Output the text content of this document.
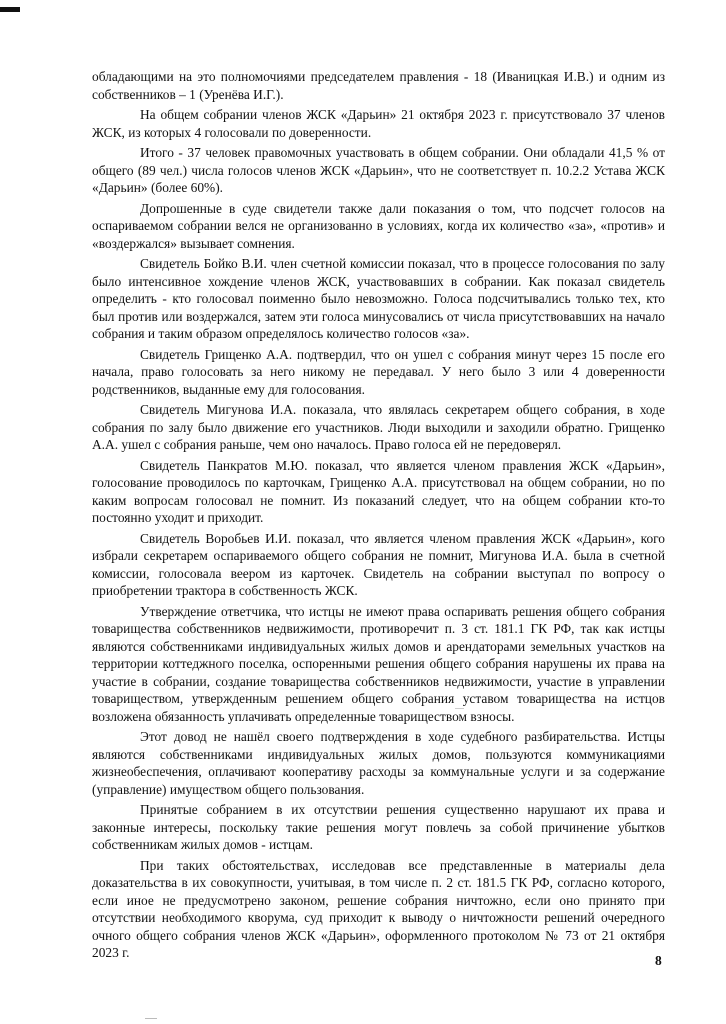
обладающими на это полномочиями председателем правления - 18 (Иваницкая И.В.) и одним из собственников – 1 (Уренёва И.Г.).

На общем собрании членов ЖСК «Дарьин» 21 октября 2023 г. присутствовало 37 членов ЖСК, из которых 4 голосовали по доверенности.

Итого - 37 человек правомочных участвовать в общем собрании. Они обладали 41,5 % от общего (89 чел.) числа голосов членов ЖСК «Дарьин», что не соответствует п. 10.2.2 Устава ЖСК «Дарьин» (более 60%).

Допрошенные в суде свидетели также дали показания о том, что подсчет голосов на оспариваемом собрании велся не организованно в условиях, когда их количество «за», «против» и «воздержался» вызывает сомнения.

Свидетель Бойко В.И. член счетной комиссии показал, что в процессе голосования по залу было интенсивное хождение членов ЖСК, участвовавших в собрании. Как показал свидетель определить - кто голосовал поименно было невозможно. Голоса подсчитывались только тех, кто был против или воздержался, затем эти голоса минусовались от числа присутствовавших на начало собрания и таким образом определялось количество голосов «за».

Свидетель Грищенко А.А. подтвердил, что он ушел с собрания минут через 15 после его начала, право голосовать за него никому не передавал. У него было 3 или 4 доверенности родственников, выданные ему для голосования.

Свидетель Мигунова И.А. показала, что являлась секретарем общего собрания, в ходе собрания по залу было движение его участников. Люди выходили и заходили обратно. Грищенко А.А. ушел с собрания раньше, чем оно началось. Право голоса ей не передоверял.

Свидетель Панкратов М.Ю. показал, что является членом правления ЖСК «Дарьин», голосование проводилось по карточкам, Грищенко А.А. присутствовал на общем собрании, но по каким вопросам голосовал не помнит. Из показаний следует, что на общем собрании кто-то постоянно уходит и приходит.

Свидетель Воробьев И.И. показал, что является членом правления ЖСК «Дарьин», кого избрали секретарем оспариваемого общего собрания не помнит, Мигунова И.А. была в счетной комиссии, голосовала веером из карточек. Свидетель на собрании выступал по вопросу о приобретении трактора в собственность ЖСК.

Утверждение ответчика, что истцы не имеют права оспаривать решения общего собрания товарищества собственников недвижимости, противоречит п. 3 ст. 181.1 ГК РФ, так как истцы являются собственниками индивидуальных жилых домов и арендаторами земельных участков на территории коттеджного поселка, оспоренными решения общего собрания нарушены их права на участие в собрании, создание товарищества собственников недвижимости, участие в управлении товариществом, утвержденным решением общего собрания уставом товарищества на истцов возложена обязанность уплачивать определенные товариществом взносы.

Этот довод не нашёл своего подтверждения в ходе судебного разбирательства. Истцы являются собственниками индивидуальных жилых домов, пользуются коммуникациями жизнеобеспечения, оплачивают кооперативу расходы за коммунальные услуги и за содержание (управление) имуществом общего пользования.

Принятые собранием в их отсутствии решения существенно нарушают их права и законные интересы, поскольку такие решения могут повлечь за собой причинение убытков собственникам жилых домов - истцам.

При таких обстоятельствах, исследовав все представленные в материалы дела доказательства в их совокупности, учитывая, в том числе п. 2 ст. 181.5 ГК РФ, согласно которого, если иное не предусмотрено законом, решение собрания ничтожно, если оно принято при отсутствии необходимого кворума, суд приходит к выводу о ничтожности решений очередного очного общего собрания членов ЖСК «Дарьин», оформленного протоколом № 73 от 21 октября 2023 г.

8
